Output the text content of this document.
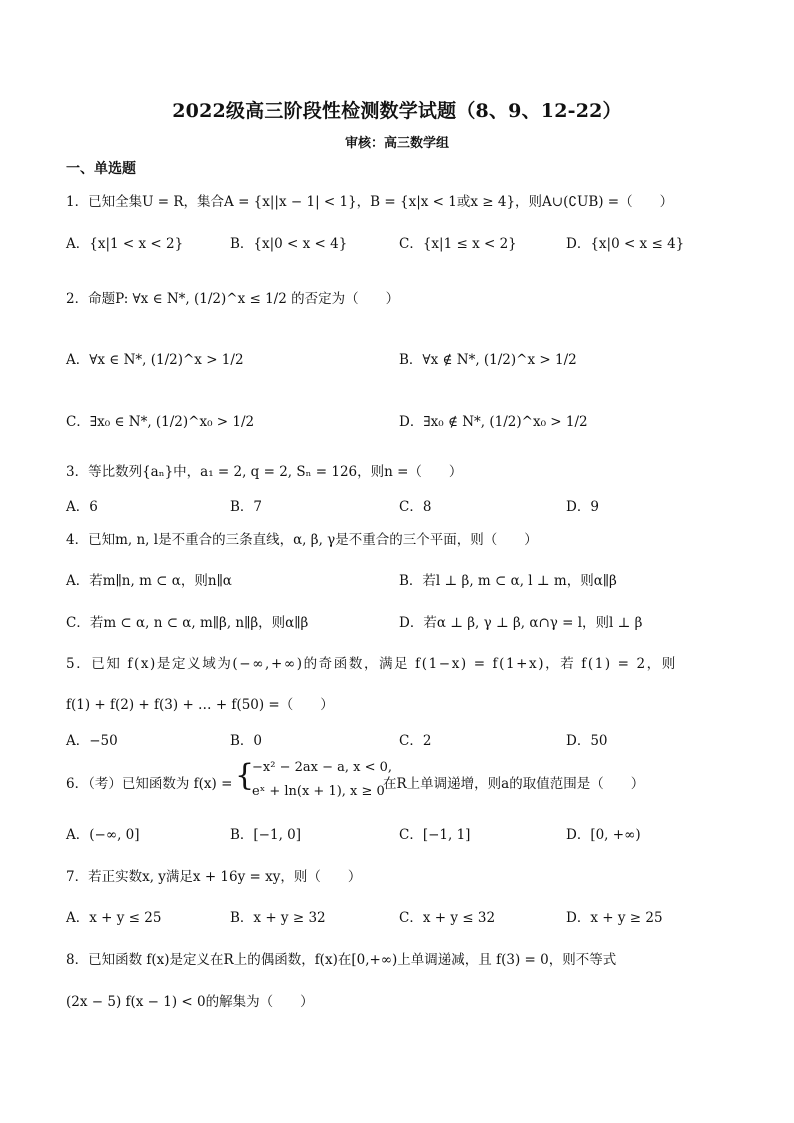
2022级高三阶段性检测数学试题（8、9、12-22）
审核：高三数学组
一、单选题
1．已知全集U = R，集合A = {x||x − 1| < 1}，B = {x|x < 1或x ≥ 4}，则A∪(∁UB) =（　　）
A．{x|1 < x < 2}	B．{x|0 < x < 4}	C．{x|1 ≤ x < 2}	D．{x|0 < x ≤ 4}
2．命题P: ∀x ∈ N*, (1/2)^x ≤ 1/2 的否定为（　　）
A．∀x ∈ N*, (1/2)^x > 1/2	B．∀x ∉ N*, (1/2)^x > 1/2
C．∃x₀ ∈ N*, (1/2)^x₀ > 1/2	D．∃x₀ ∉ N*, (1/2)^x₀ > 1/2
3．等比数列{aₙ}中，a₁ = 2, q = 2, Sₙ = 126，则n =（　　）
A．6	B．7	C．8	D．9
4．已知m, n, l是不重合的三条直线，α, β, γ是不重合的三个平面，则（　　）
A．若m∥n, m ⊂ α，则n∥α	B．若l ⊥ β, m ⊂ α, l ⊥ m，则α∥β
C．若m ⊂ α, n ⊂ α, m∥β, n∥β，则α∥β	D．若α ⊥ β, γ ⊥ β, α∩γ = l，则l ⊥ β
5．已知 f(x)是定义域为(−∞,+∞)的奇函数，满足 f(1−x) = f(1+x)，若 f(1) = 2，则
f(1) + f(2) + f(3) + … + f(50) =（　　）
A．−50	B．0	C．2	D．50
6．（考）已知函数为 f(x) = {
−x² − 2ax − a, x < 0,
eˣ + ln(x + 1), x ≥ 0
在R上单调递增，则a的取值范围是（　　）
A．(−∞, 0]	B．[−1, 0]	C．[−1, 1]	D．[0, +∞)
7．若正实数x, y满足x + 16y = xy，则（　　）
A．x + y ≤ 25	B．x + y ≥ 32	C．x + y ≤ 32	D．x + y ≥ 25
8．已知函数 f(x)是定义在R上的偶函数，f(x)在[0,+∞)上单调递减，且 f(3) = 0，则不等式
(2x − 5) f(x − 1) < 0的解集为（　　）
